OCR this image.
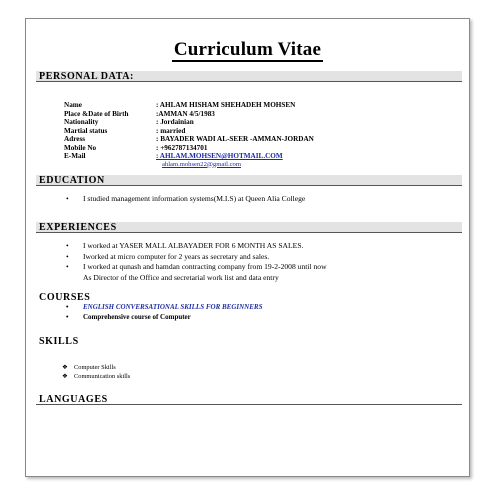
Curriculum Vitae
PERSONAL DATA:
Name	: AHLAM HISHAM SHEHADEH MOHSEN
Place &Date of Birth	:AMMAN 4/5/1983
Nationality	: Jordainian
Martial status	: married
Adress	: BAYADER WADI AL-SEER -AMMAN-JORDAN
Mobile No	: +962787134701
E-Mail	: AHLAM.MOHSEN@HOTMAIL.COM
ahlam.mohsen22@gmail.com
EDUCATION
• I studied management information systems(M.I.S) at Queen Alia College
EXPERIENCES
• I worked at YASER MALL ALBAYADER FOR 6 MONTH AS SALES.
• Iworked at micro computer for 2 years as secretary and sales.
• I worked at qunash and hamdan contracting company from 19-2-2008 until now
As Director of the Office and secretarial work list and data entry
COURSES
• ENGLISH CONVERSATIONAL SKILLS FOR BEGINNERS
• Comprehensive course of Computer
SKILLS
❖ Computer Skills
❖ Communication skills
LANGUAGES
